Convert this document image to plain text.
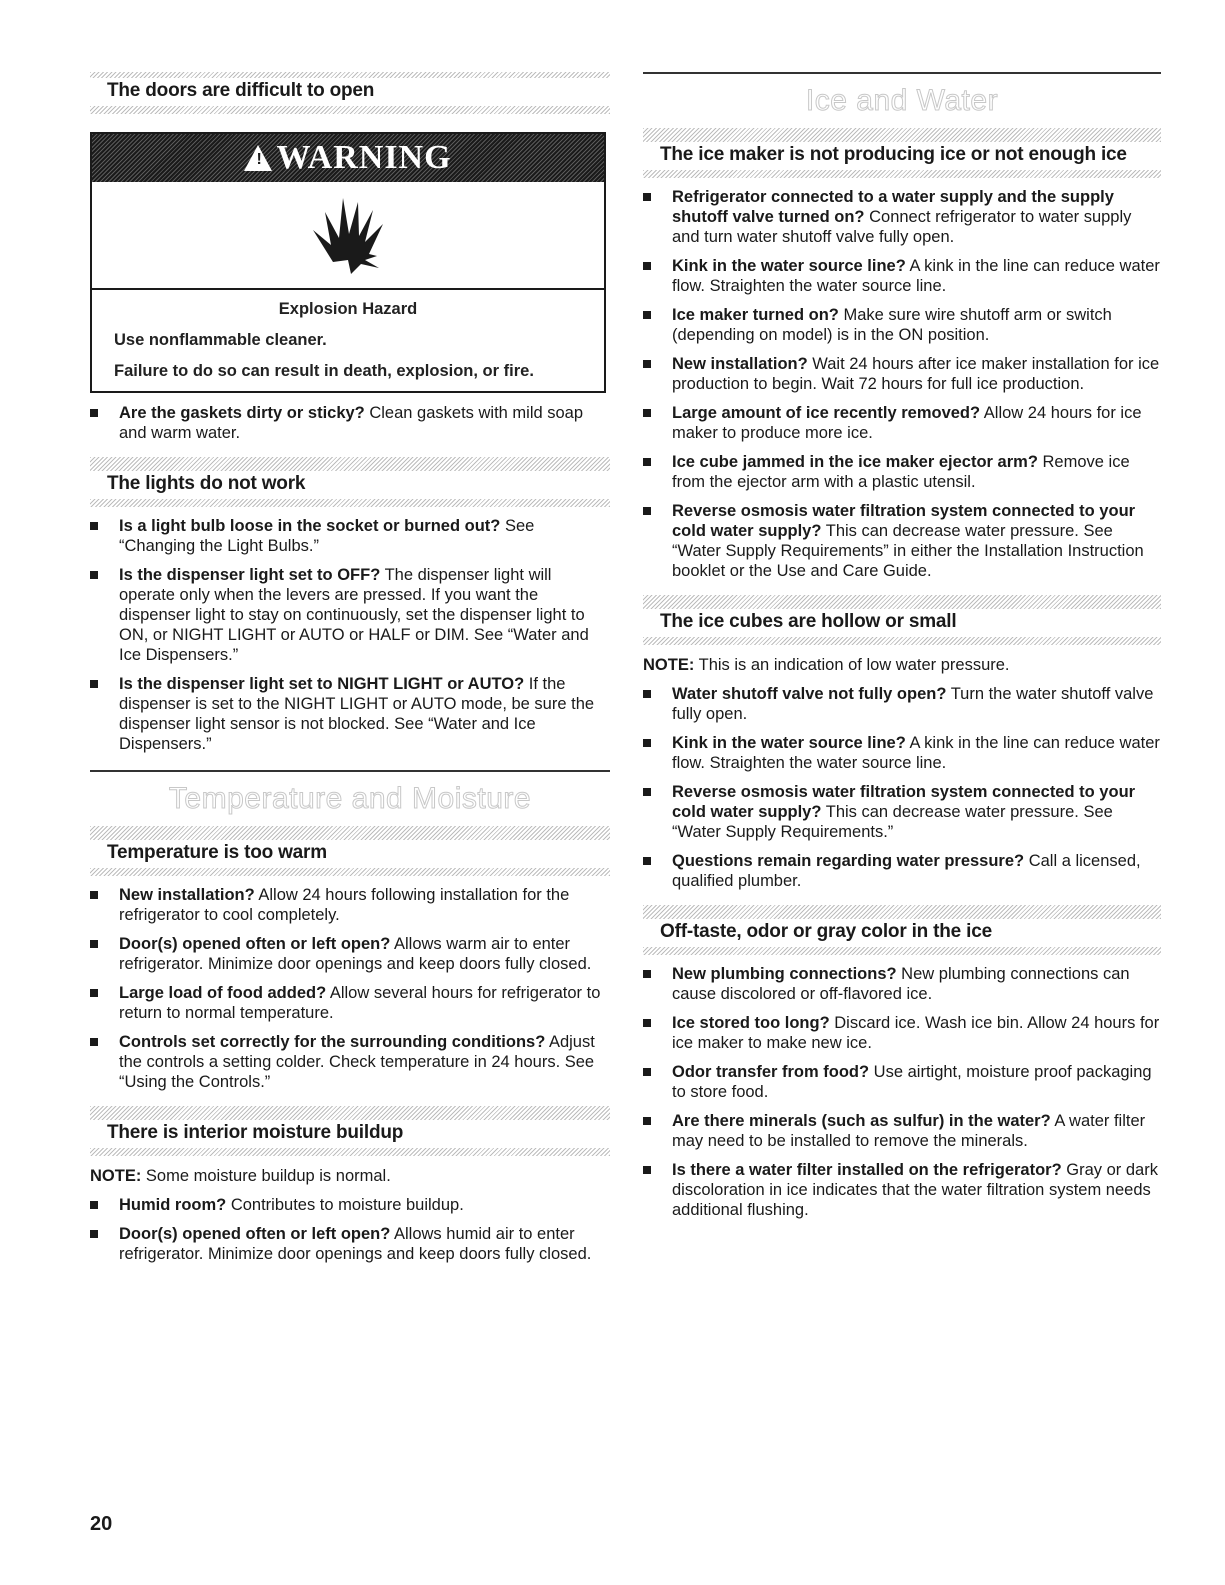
The doors are difficult to open
! WARNING
Explosion Hazard

Use nonflammable cleaner.

Failure to do so can result in death, explosion, or fire.

Are the gaskets dirty or sticky? Clean gaskets with mild soap and warm water.
The lights do not work
Is a light bulb loose in the socket or burned out? See “Changing the Light Bulbs.”
Is the dispenser light set to OFF? The dispenser light will operate only when the levers are pressed. If you want the dispenser light to stay on continuously, set the dispenser light to ON, or NIGHT LIGHT or AUTO or HALF or DIM. See “Water and Ice Dispensers.”
Is the dispenser light set to NIGHT LIGHT or AUTO? If the dispenser is set to the NIGHT LIGHT or AUTO mode, be sure the dispenser light sensor is not blocked. See “Water and Ice Dispensers.”
Temperature and Moisture
Temperature is too warm
New installation? Allow 24 hours following installation for the refrigerator to cool completely.
Door(s) opened often or left open? Allows warm air to enter refrigerator. Minimize door openings and keep doors fully closed.
Large load of food added? Allow several hours for refrigerator to return to normal temperature.
Controls set correctly for the surrounding conditions? Adjust the controls a setting colder. Check temperature in 24 hours. See “Using the Controls.”
There is interior moisture buildup
NOTE: Some moisture buildup is normal.
Humid room? Contributes to moisture buildup.
Door(s) opened often or left open? Allows humid air to enter refrigerator. Minimize door openings and keep doors fully closed.
Ice and Water
The ice maker is not producing ice or not enough ice
Refrigerator connected to a water supply and the supply shutoff valve turned on? Connect refrigerator to water supply and turn water shutoff valve fully open.
Kink in the water source line? A kink in the line can reduce water flow. Straighten the water source line.
Ice maker turned on? Make sure wire shutoff arm or switch (depending on model) is in the ON position.
New installation? Wait 24 hours after ice maker installation for ice production to begin. Wait 72 hours for full ice production.
Large amount of ice recently removed? Allow 24 hours for ice maker to produce more ice.
Ice cube jammed in the ice maker ejector arm? Remove ice from the ejector arm with a plastic utensil.
Reverse osmosis water filtration system connected to your cold water supply? This can decrease water pressure. See “Water Supply Requirements” in either the Installation Instruction booklet or the Use and Care Guide.
The ice cubes are hollow or small
NOTE: This is an indication of low water pressure.
Water shutoff valve not fully open? Turn the water shutoff valve fully open.
Kink in the water source line? A kink in the line can reduce water flow. Straighten the water source line.
Reverse osmosis water filtration system connected to your cold water supply? This can decrease water pressure. See “Water Supply Requirements.”
Questions remain regarding water pressure? Call a licensed, qualified plumber.
Off-taste, odor or gray color in the ice
New plumbing connections? New plumbing connections can cause discolored or off-flavored ice.
Ice stored too long? Discard ice. Wash ice bin. Allow 24 hours for ice maker to make new ice.
Odor transfer from food? Use airtight, moisture proof packaging to store food.
Are there minerals (such as sulfur) in the water? A water filter may need to be installed to remove the minerals.
Is there a water filter installed on the refrigerator? Gray or dark discoloration in ice indicates that the water filtration system needs additional flushing.
20
